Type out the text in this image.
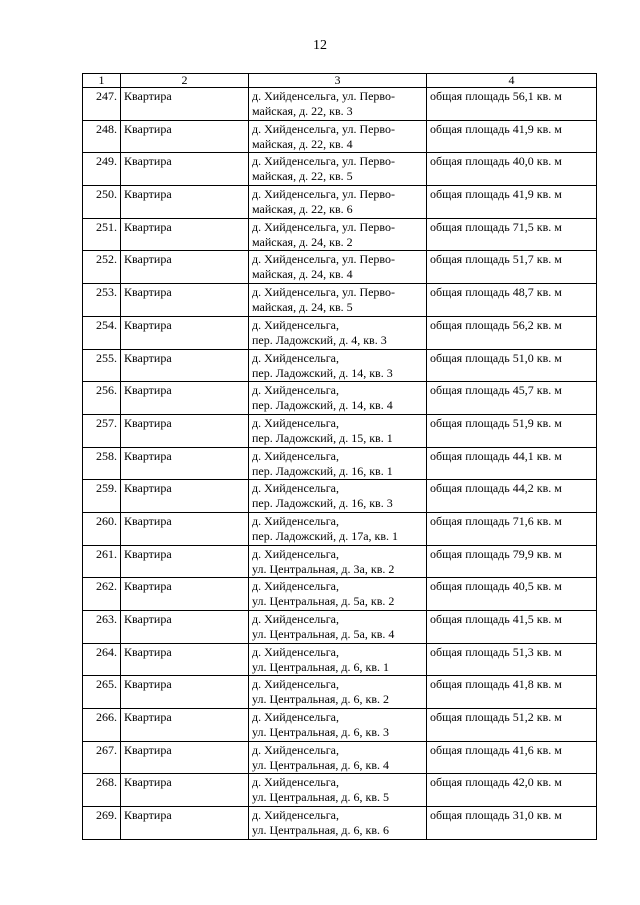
12
1	2	3	4
247.	Квартира	д. Хийденсельга, ул. Перво-
майская, д. 22, кв. 3	общая площадь 56,1 кв. м
248.	Квартира	д. Хийденсельга, ул. Перво-
майская, д. 22, кв. 4	общая площадь 41,9 кв. м
249.	Квартира	д. Хийденсельга, ул. Перво-
майская, д. 22, кв. 5	общая площадь 40,0 кв. м
250.	Квартира	д. Хийденсельга, ул. Перво-
майская, д. 22, кв. 6	общая площадь 41,9 кв. м
251.	Квартира	д. Хийденсельга, ул. Перво-
майская, д. 24, кв. 2	общая площадь 71,5 кв. м
252.	Квартира	д. Хийденсельга, ул. Перво-
майская, д. 24, кв. 4	общая площадь 51,7 кв. м
253.	Квартира	д. Хийденсельга, ул. Перво-
майская, д. 24, кв. 5	общая площадь 48,7 кв. м
254.	Квартира	д. Хийденсельга,
пер. Ладожский, д. 4, кв. 3	общая площадь 56,2 кв. м
255.	Квартира	д. Хийденсельга,
пер. Ладожский, д. 14, кв. 3	общая площадь 51,0 кв. м
256.	Квартира	д. Хийденсельга,
пер. Ладожский, д. 14, кв. 4	общая площадь 45,7 кв. м
257.	Квартира	д. Хийденсельга,
пер. Ладожский, д. 15, кв. 1	общая площадь 51,9 кв. м
258.	Квартира	д. Хийденсельга,
пер. Ладожский, д. 16, кв. 1	общая площадь 44,1 кв. м
259.	Квартира	д. Хийденсельга,
пер. Ладожский, д. 16, кв. 3	общая площадь 44,2 кв. м
260.	Квартира	д. Хийденсельга,
пер. Ладожский, д. 17а, кв. 1	общая площадь 71,6 кв. м
261.	Квартира	д. Хийденсельга,
ул. Центральная, д. 3а, кв. 2	общая площадь 79,9 кв. м
262.	Квартира	д. Хийденсельга,
ул. Центральная, д. 5а, кв. 2	общая площадь 40,5 кв. м
263.	Квартира	д. Хийденсельга,
ул. Центральная, д. 5а, кв. 4	общая площадь 41,5 кв. м
264.	Квартира	д. Хийденсельга,
ул. Центральная, д. 6, кв. 1	общая площадь 51,3 кв. м
265.	Квартира	д. Хийденсельга,
ул. Центральная, д. 6, кв. 2	общая площадь 41,8 кв. м
266.	Квартира	д. Хийденсельга,
ул. Центральная, д. 6, кв. 3	общая площадь 51,2 кв. м
267.	Квартира	д. Хийденсельга,
ул. Центральная, д. 6, кв. 4	общая площадь 41,6 кв. м
268.	Квартира	д. Хийденсельга,
ул. Центральная, д. 6, кв. 5	общая площадь 42,0 кв. м
269.	Квартира	д. Хийденсельга,
ул. Центральная, д. 6, кв. 6	общая площадь 31,0 кв. м
